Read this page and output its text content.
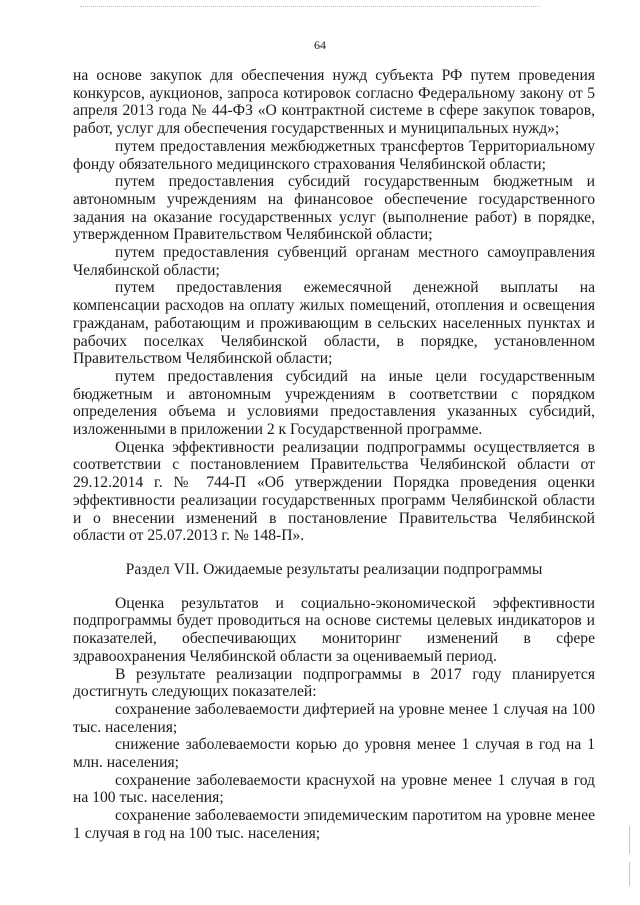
64

на основе закупок для обеспечения нужд субъекта РФ путем проведения конкурсов, аукционов, запроса котировок согласно Федеральному закону от 5 апреля 2013 года № 44-ФЗ «О контрактной системе в сфере закупок товаров, работ, услуг для обеспечения государственных и муниципальных нужд»;

путем предоставления межбюджетных трансфертов Территориальному фонду обязательного медицинского страхования Челябинской области;

путем предоставления субсидий государственным бюджетным и автономным учреждениям на финансовое обеспечение государственного задания на оказание государственных услуг (выполнение работ) в порядке, утвержденном Правительством Челябинской области;

путем предоставления субвенций органам местного самоуправления Челябинской области;

путем предоставления ежемесячной денежной выплаты на компенсации расходов на оплату жилых помещений, отопления и освещения гражданам, работающим и проживающим в сельских населенных пунктах и рабочих поселках Челябинской области, в порядке, установленном Правительством Челябинской области;

путем предоставления субсидий на иные цели государственным бюджетным и автономным учреждениям в соответствии с порядком определения объема и условиями предоставления указанных субсидий, изложенными в приложении 2 к Государственной программе.

Оценка эффективности реализации подпрограммы осуществляется в соответствии с постановлением Правительства Челябинской области от 29.12.2014 г. № 744-П «Об утверждении Порядка проведения оценки эффективности реализации государственных программ Челябинской области и о внесении изменений в постановление Правительства Челябинской области от 25.07.2013 г. № 148-П».

Раздел VII. Ожидаемые результаты реализации подпрограммы

Оценка результатов и социально-экономической эффективности подпрограммы будет проводиться на основе системы целевых индикаторов и показателей, обеспечивающих мониторинг изменений в сфере здравоохранения Челябинской области за оцениваемый период.

В результате реализации подпрограммы в 2017 году планируется достигнуть следующих показателей:

сохранение заболеваемости дифтерией на уровне менее 1 случая на 100 тыс. населения;

снижение заболеваемости корью до уровня менее 1 случая в год на 1 млн. населения;

сохранение заболеваемости краснухой на уровне менее 1 случая в год на 100 тыс. населения;

сохранение заболеваемости эпидемическим паротитом на уровне менее 1 случая в год на 100 тыс. населения;
